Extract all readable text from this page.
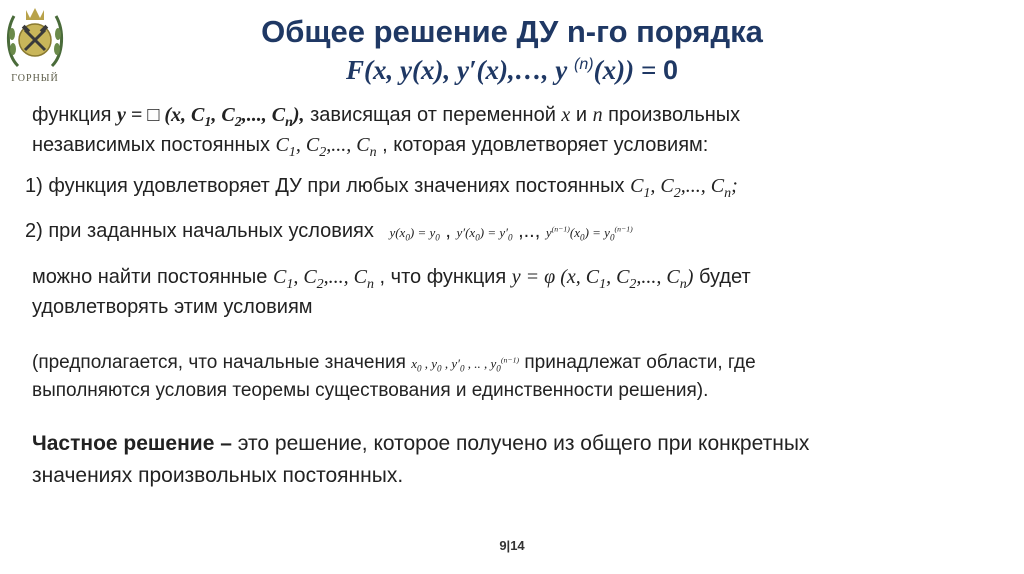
ГОРНЫЙ
Общее решение ДУ n-го порядка
F(x, y(x), y′(x),…, y $^{(n)}$(x)) = 0
функция y = □ (x, $C_1$, $C_2$,..., $C_n$), зависящая от переменной x и n произвольных
независимых постоянных $C_1$, $C_2$,..., $C_n$ , которая удовлетворяет условиям:
1) функция удовлетворяет ДУ при любых значениях постоянных $C_1$, $C_2$,..., $C_n$;
2) при заданных начальных условиях $y(x_0) = y_0$ , $y'(x_0) = y'_0$ ,.., $y^{(n-1)}(x_0) = y_0^{(n-1)}$
можно найти постоянные $C_1$, $C_2$,..., $C_n$ , что функция y = φ (x, $C_1$, $C_2$,..., $C_n$) будет
удовлетворять этим условиям
(предполагается, что начальные значения $x_0$ , $y_0$ , $y'_0$ , .. , $y_0^{(n-1)}$ принадлежат области, где
выполняются условия теоремы существования и единственности решения).
Частное решение – это решение, которое получено из общего при конкретных
значениях произвольных постоянных.
9|14
